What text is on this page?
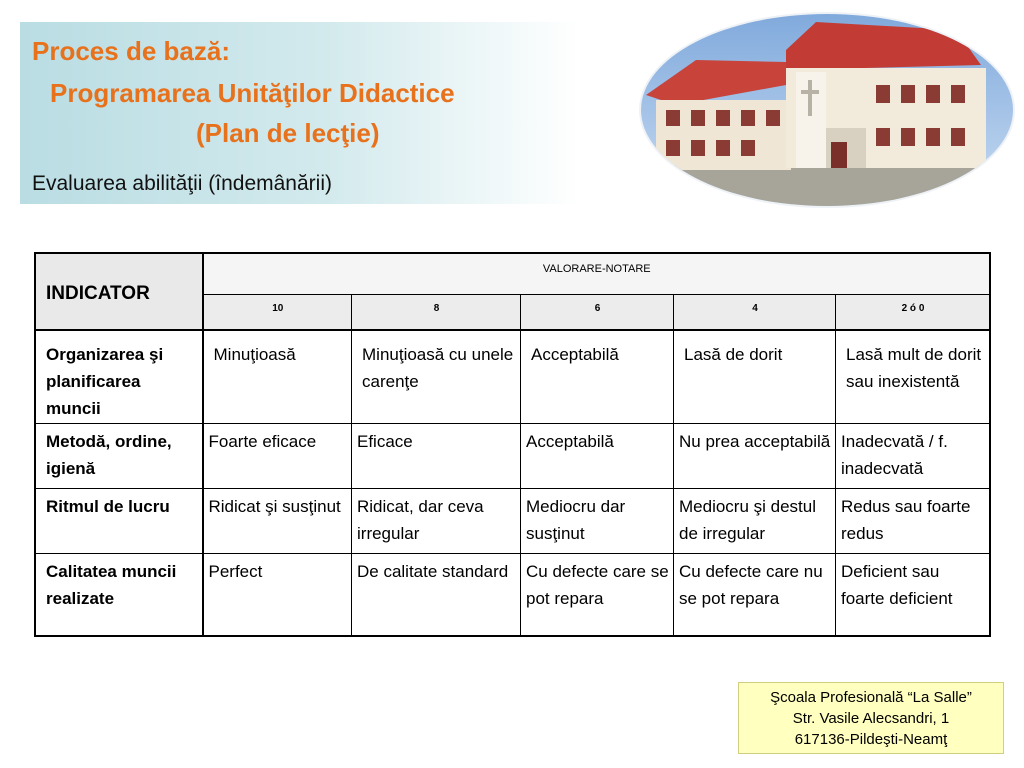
Proces de bază:
Programarea Unităţilor Didactice
(Plan de lecţie)
Evaluarea abilităţii (îndemânării)
INDICATOR	VALORARE-NOTARE				
	10	8	6	4	2 ó 0
Organizarea şi planificarea muncii	Minuţioasă	Minuţioasă cu unele carenţe	Acceptabilă	Lasă de dorit	Lasă mult de dorit sau inexistentă
Metodă, ordine, igienă	Foarte eficace	Eficace	Acceptabilă	Nu prea acceptabilă	Inadecvată / f. inadecvată
Ritmul de lucru	Ridicat şi susţinut	Ridicat, dar ceva irregular	Mediocru dar susţinut	Mediocru şi destul de irregular	Redus sau foarte redus
Calitatea muncii realizate	Perfect	De calitate standard	Cu defecte care se pot repara	Cu defecte care nu se pot repara	Deficient sau foarte deficient
Şcoala Profesională “La Salle”
Str. Vasile Alecsandri, 1
617136-Pildeşti-Neamţ
